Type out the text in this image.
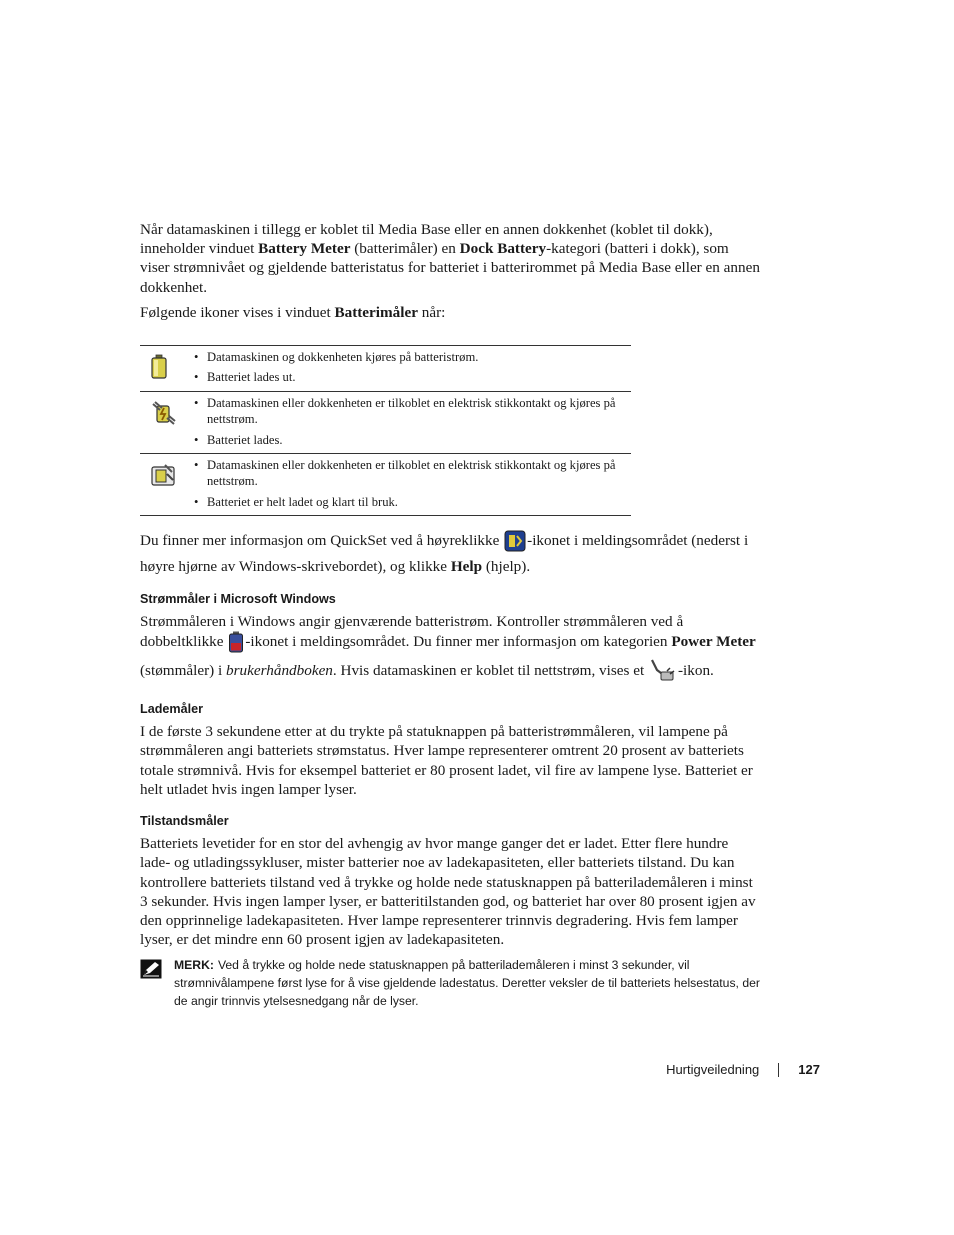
Når datamaskinen i tillegg er koblet til Media Base eller en annen dokkenhet (koblet til dokk), inneholder vinduet Battery Meter (batterimåler) en Dock Battery-kategori (batteri i dokk), som viser strømnivået og gjeldende batteristatus for batteriet i batterirommet på Media Base eller en annen dokkenhet.

Følgende ikoner vises i vinduet Batterimåler når:

• Datamaskinen og dokkenheten kjøres på batteristrøm.
• Batteriet lades ut.
• Datamaskinen eller dokkenheten er tilkoblet en elektrisk stikkontakt og kjøres på nettstrøm.
• Batteriet lades.
• Datamaskinen eller dokkenheten er tilkoblet en elektrisk stikkontakt og kjøres på nettstrøm.
• Batteriet er helt ladet og klart til bruk.

Du finner mer informasjon om QuickSet ved å høyreklikke -ikonet i meldingsområdet (nederst i høyre hjørne av Windows-skrivebordet), og klikke Help (hjelp).

Strømmåler i Microsoft Windows

Strømmåleren i Windows angir gjenværende batteristrøm. Kontroller strømmåleren ved å dobbeltklikke -ikonet i meldingsområdet. Du finner mer informasjon om kategorien Power Meter (stømmåler) i brukerhåndboken. Hvis datamaskinen er koblet til nettstrøm, vises et -ikon.

Lademåler

I de første 3 sekundene etter at du trykte på statuknappen på batteristrømmåleren, vil lampene på strømmåleren angi batteriets strømstatus. Hver lampe representerer omtrent 20 prosent av batteriets totale strømnivå. Hvis for eksempel batteriet er 80 prosent ladet, vil fire av lampene lyse. Batteriet er helt utladet hvis ingen lamper lyser.

Tilstandsmåler

Batteriets levetider for en stor del avhengig av hvor mange ganger det er ladet. Etter flere hundre lade- og utladingssykluser, mister batterier noe av ladekapasiteten, eller batteriets tilstand. Du kan kontrollere batteriets tilstand ved å trykke og holde nede statusknappen på batterilademåleren i minst 3 sekunder. Hvis ingen lamper lyser, er batteritilstanden god, og batteriet har over 80 prosent igjen av den opprinnelige ladekapasiteten. Hver lampe representerer trinnvis degradering. Hvis fem lamper lyser, er det mindre enn 60 prosent igjen av ladekapasiteten.

MERK: Ved å trykke og holde nede statusknappen på batterilademåleren i minst 3 sekunder, vil strømnivålampene først lyse for å vise gjeldende ladestatus. Deretter veksler de til batteriets helsestatus, der de angir trinnvis ytelsesnedgang når de lyser.
Hurtigveiledning	127
